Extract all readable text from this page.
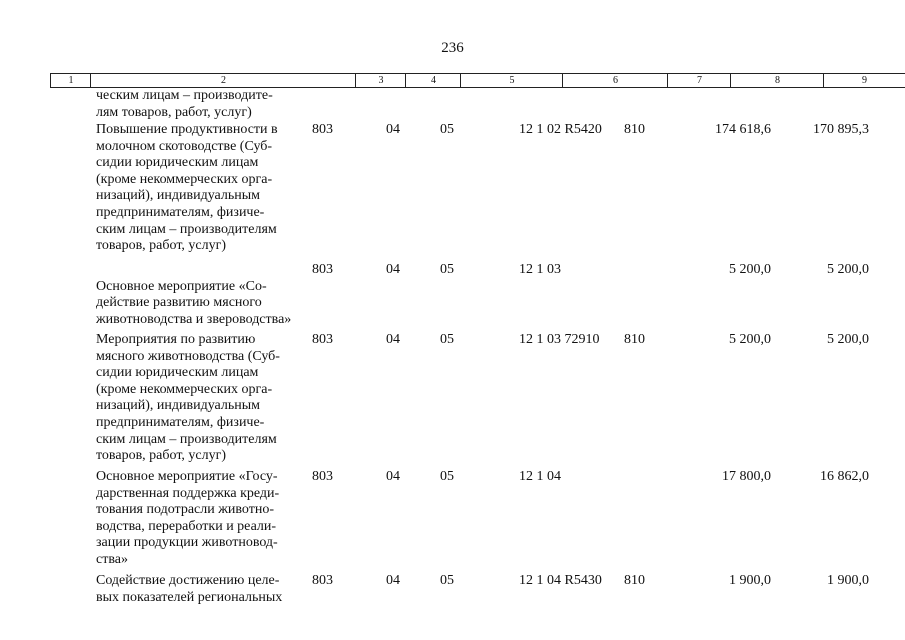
236
1	2	3	4	5	6	7	8	9
ческим лицам – производите-
лям товаров, работ, услуг)
Повышение продуктивности в
молочном скотоводстве (Суб-
сидии юридическим лицам
(кроме некоммерческих орга-
низаций), индивидуальным
предпринимателям, физиче-
ским лицам – производителям
товаров, работ, услуг)
803	04	05	12 1 02 R5420 810	174 618,6	170 895,3

Основное мероприятие «Со-
действие развитию мясного
животноводства и звероводства»

803	04	05	12 1 03	5 200,0	5 200,0
Мероприятия по развитию
мясного животноводства (Суб-
сидии юридическим лицам
(кроме некоммерческих орга-
низаций), индивидуальным
предпринимателям, физиче-
ским лицам – производителям
товаров, работ, услуг)
803	04	05	12 1 03 72910 810	5 200,0	5 200,0
Основное мероприятие «Госу-
дарственная поддержка креди-
тования подотрасли животно-
водства, переработки и реали-
зации продукции животновод-
ства»
803	04	05	12 1 04	17 800,0	16 862,0
Содействие достижению целе-
вых показателей региональных
803	04	05	12 1 04 R5430 810	1 900,0	1 900,0
